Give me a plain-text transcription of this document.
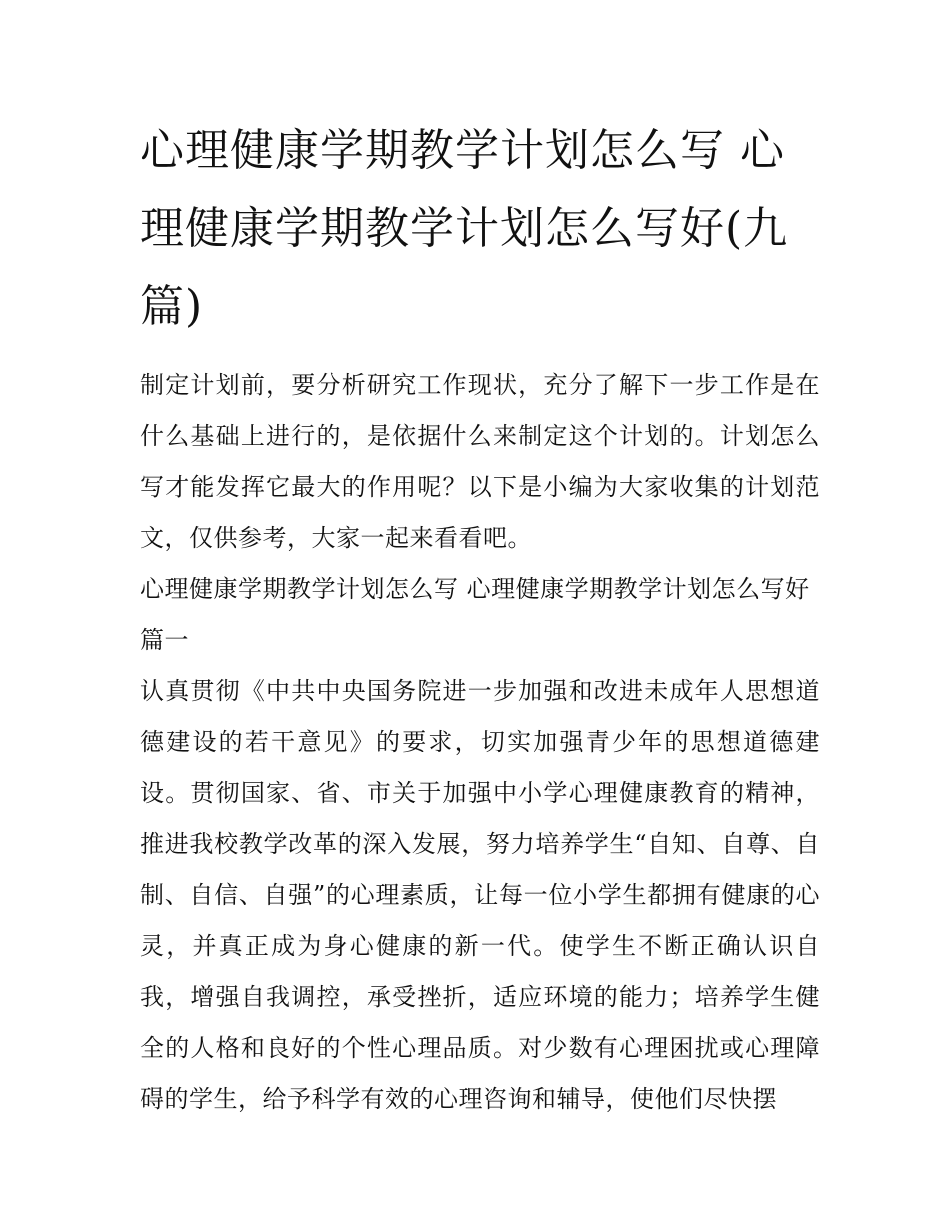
心理健康学期教学计划怎么写 心理健康学期教学计划怎么写好(九篇)

制定计划前，要分析研究工作现状，充分了解下一步工作是在什么基础上进行的，是依据什么来制定这个计划的。计划怎么写才能发挥它最大的作用呢？以下是小编为大家收集的计划范文，仅供参考，大家一起来看看吧。

心理健康学期教学计划怎么写 心理健康学期教学计划怎么写好篇一

认真贯彻《中共中央国务院进一步加强和改进未成年人思想道德建设的若干意见》的要求，切实加强青少年的思想道德建设。贯彻国家、省、市关于加强中小学心理健康教育的精神，推进我校教学改革的深入发展，努力培养学生“自知、自尊、自制、自信、自强”的心理素质，让每一位小学生都拥有健康的心灵，并真正成为身心健康的新一代。使学生不断正确认识自我，增强自我调控，承受挫折，适应环境的能力；培养学生健全的人格和良好的个性心理品质。对少数有心理困扰或心理障碍的学生，给予科学有效的心理咨询和辅导，使他们尽快摆
